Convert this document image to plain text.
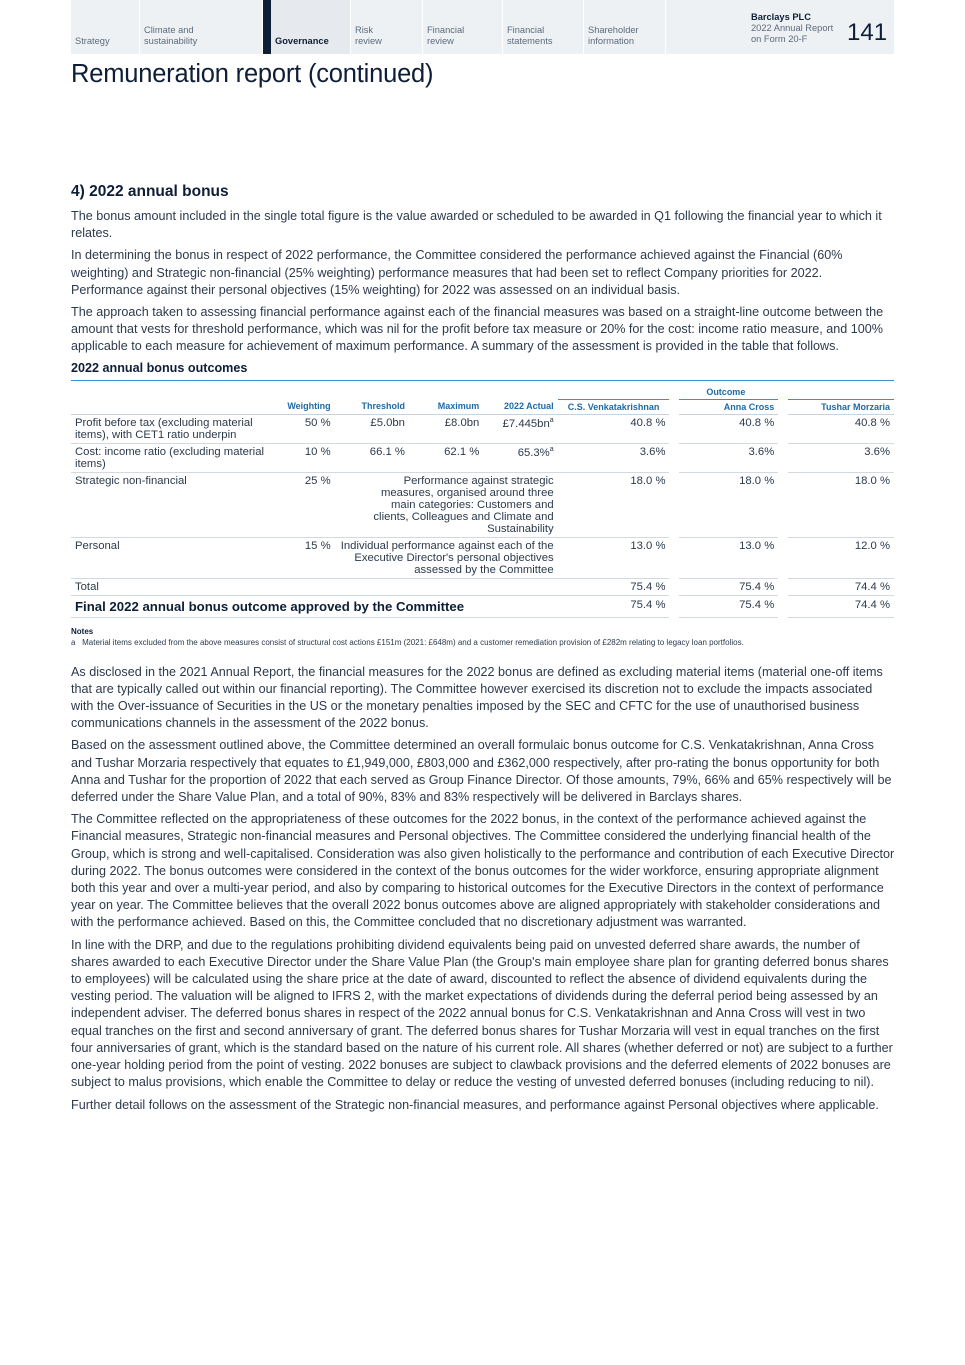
Strategy
Climate and
sustainability	Governance
Risk
review
Financial
review
Financial
statements
Shareholder
information
Barclays PLC
2022 Annual Report
on Form 20-F	141
Remuneration report (continued)
4) 2022 annual bonus

The bonus amount included in the single total figure is the value awarded or scheduled to be awarded in Q1 following the financial year to which it relates.

In determining the bonus in respect of 2022 performance, the Committee considered the performance achieved against the Financial (60% weighting) and Strategic non-financial (25% weighting) performance measures that had been set to reflect Company priorities for 2022. Performance against their personal objectives (15% weighting) for 2022 was assessed on an individual basis.

The approach taken to assessing financial performance against each of the financial measures was based on a straight-line outcome between the amount that vests for threshold performance, which was nil for the profit before tax measure or 20% for the cost: income ratio measure, and 100% applicable to each measure for achievement of maximum performance. A summary of the assessment is provided in the table that follows.

2022 annual bonus outcomes

					Outcome		
	Weighting	Threshold	Maximum	2022 Actual	C.S. Venkatakrishnan	Anna Cross	Tushar Morzaria
Profit before tax (excluding material items), with CET1 ratio underpin	50 %	£5.0bn	£8.0bn	$£7.445bn^a$	40.8 %	40.8 %	40.8 %
Cost: income ratio (excluding material items)	10 %	66.1 %	62.1 %	65.3%$^a$	3.6%	3.6%	3.6%
Strategic non-financial	25 %	Performance against strategic measures, organised around three main categories: Customers and clients, Colleagues and Climate and Sustainability			18.0 %	18.0 %	18.0 %
Personal	15 %	Individual performance against each of the Executive Director's personal objectives assessed by the Committee			13.0 %	13.0 %	12.0 %
Total					75.4 %	75.4 %	74.4 %
Final 2022 annual bonus outcome approved by the Committee					75.4 %	75.4 %	74.4 %
Notes
a Material items excluded from the above measures consist of structural cost actions £151m (2021: £648m) and a customer remediation provision of £282m relating to legacy loan portfolios.

As disclosed in the 2021 Annual Report, the financial measures for the 2022 bonus are defined as excluding material items (material one-off items that are typically called out within our financial reporting). The Committee however exercised its discretion not to exclude the impacts associated with the Over-issuance of Securities in the US or the monetary penalties imposed by the SEC and CFTC for the use of unauthorised business communications channels in the assessment of the 2022 bonus.

Based on the assessment outlined above, the Committee determined an overall formulaic bonus outcome for C.S. Venkatakrishnan, Anna Cross and Tushar Morzaria respectively that equates to £1,949,000, £803,000 and £362,000 respectively, after pro-rating the bonus opportunity for both Anna and Tushar for the proportion of 2022 that each served as Group Finance Director. Of those amounts, 79%, 66% and 65% respectively will be deferred under the Share Value Plan, and a total of 90%, 83% and 83% respectively will be delivered in Barclays shares.

The Committee reflected on the appropriateness of these outcomes for the 2022 bonus, in the context of the performance achieved against the Financial measures, Strategic non-financial measures and Personal objectives. The Committee considered the underlying financial health of the Group, which is strong and well-capitalised. Consideration was also given holistically to the performance and contribution of each Executive Director during 2022. The bonus outcomes were considered in the context of the bonus outcomes for the wider workforce, ensuring appropriate alignment both this year and over a multi-year period, and also by comparing to historical outcomes for the Executive Directors in the context of performance year on year. The Committee believes that the overall 2022 bonus outcomes above are aligned appropriately with stakeholder considerations and with the performance achieved. Based on this, the Committee concluded that no discretionary adjustment was warranted.

In line with the DRP, and due to the regulations prohibiting dividend equivalents being paid on unvested deferred share awards, the number of shares awarded to each Executive Director under the Share Value Plan (the Group's main employee share plan for granting deferred bonus shares to employees) will be calculated using the share price at the date of award, discounted to reflect the absence of dividend equivalents during the vesting period. The valuation will be aligned to IFRS 2, with the market expectations of dividends during the deferral period being assessed by an independent adviser. The deferred bonus shares in respect of the 2022 annual bonus for C.S. Venkatakrishnan and Anna Cross will vest in two equal tranches on the first and second anniversary of grant. The deferred bonus shares for Tushar Morzaria will vest in equal tranches on the first four anniversaries of grant, which is the standard based on the nature of his current role. All shares (whether deferred or not) are subject to a further one-year holding period from the point of vesting. 2022 bonuses are subject to clawback provisions and the deferred elements of 2022 bonuses are subject to malus provisions, which enable the Committee to delay or reduce the vesting of unvested deferred bonuses (including reducing to nil).

Further detail follows on the assessment of the Strategic non-financial measures, and performance against Personal objectives where applicable.
